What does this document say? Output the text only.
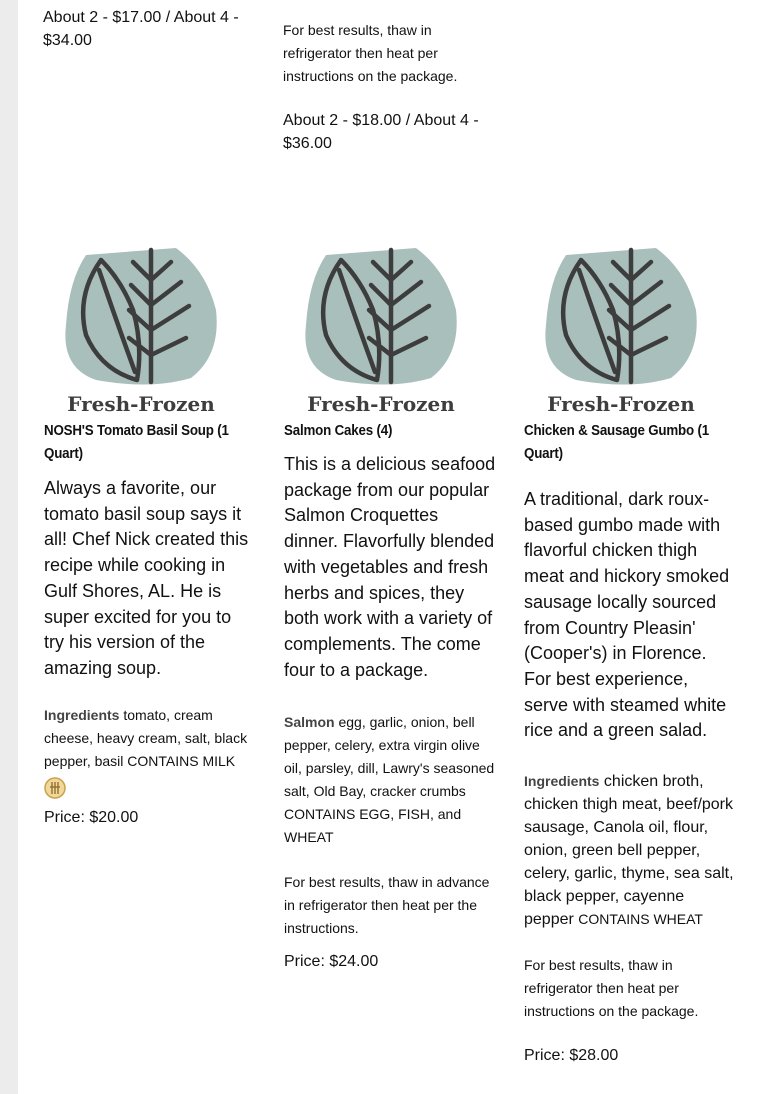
About 2 - $17.00 / About 4 - $34.00
For best results, thaw in refrigerator then heat per instructions on the package.
About 2 - $18.00 / About 4 - $36.00
Fresh-Frozen
NOSH'S Tomato Basil Soup (1 Quart)
Always a favorite, our tomato basil soup says it all! Chef Nick created this recipe while cooking in Gulf Shores, AL. He is super excited for you to try his version of the amazing soup.
Ingredients tomato, cream cheese, heavy cream, salt, black pepper, basil CONTAINS MILK
Price: $20.00
Fresh-Frozen
Salmon Cakes (4)
This is a delicious seafood package from our popular Salmon Croquettes dinner. Flavorfully blended with vegetables and fresh herbs and spices, they both work with a variety of complements. The come four to a package.
Salmon egg, garlic, onion, bell pepper, celery, extra virgin olive oil, parsley, dill, Lawry's seasoned salt, Old Bay, cracker crumbs CONTAINS EGG, FISH, and WHEAT
For best results, thaw in advance in refrigerator then heat per the instructions.
Price: $24.00
Fresh-Frozen
Chicken & Sausage Gumbo (1 Quart)
A traditional, dark roux-based gumbo made with flavorful chicken thigh meat and hickory smoked sausage locally sourced from Country Pleasin' (Cooper's) in Florence. For best experience, serve with steamed white rice and a green salad.
Ingredients chicken broth, chicken thigh meat, beef/pork sausage, Canola oil, flour, onion, green bell pepper, celery, garlic, thyme, sea salt, black pepper, cayenne pepper CONTAINS WHEAT
For best results, thaw in refrigerator then heat per instructions on the package.
Price: $28.00
